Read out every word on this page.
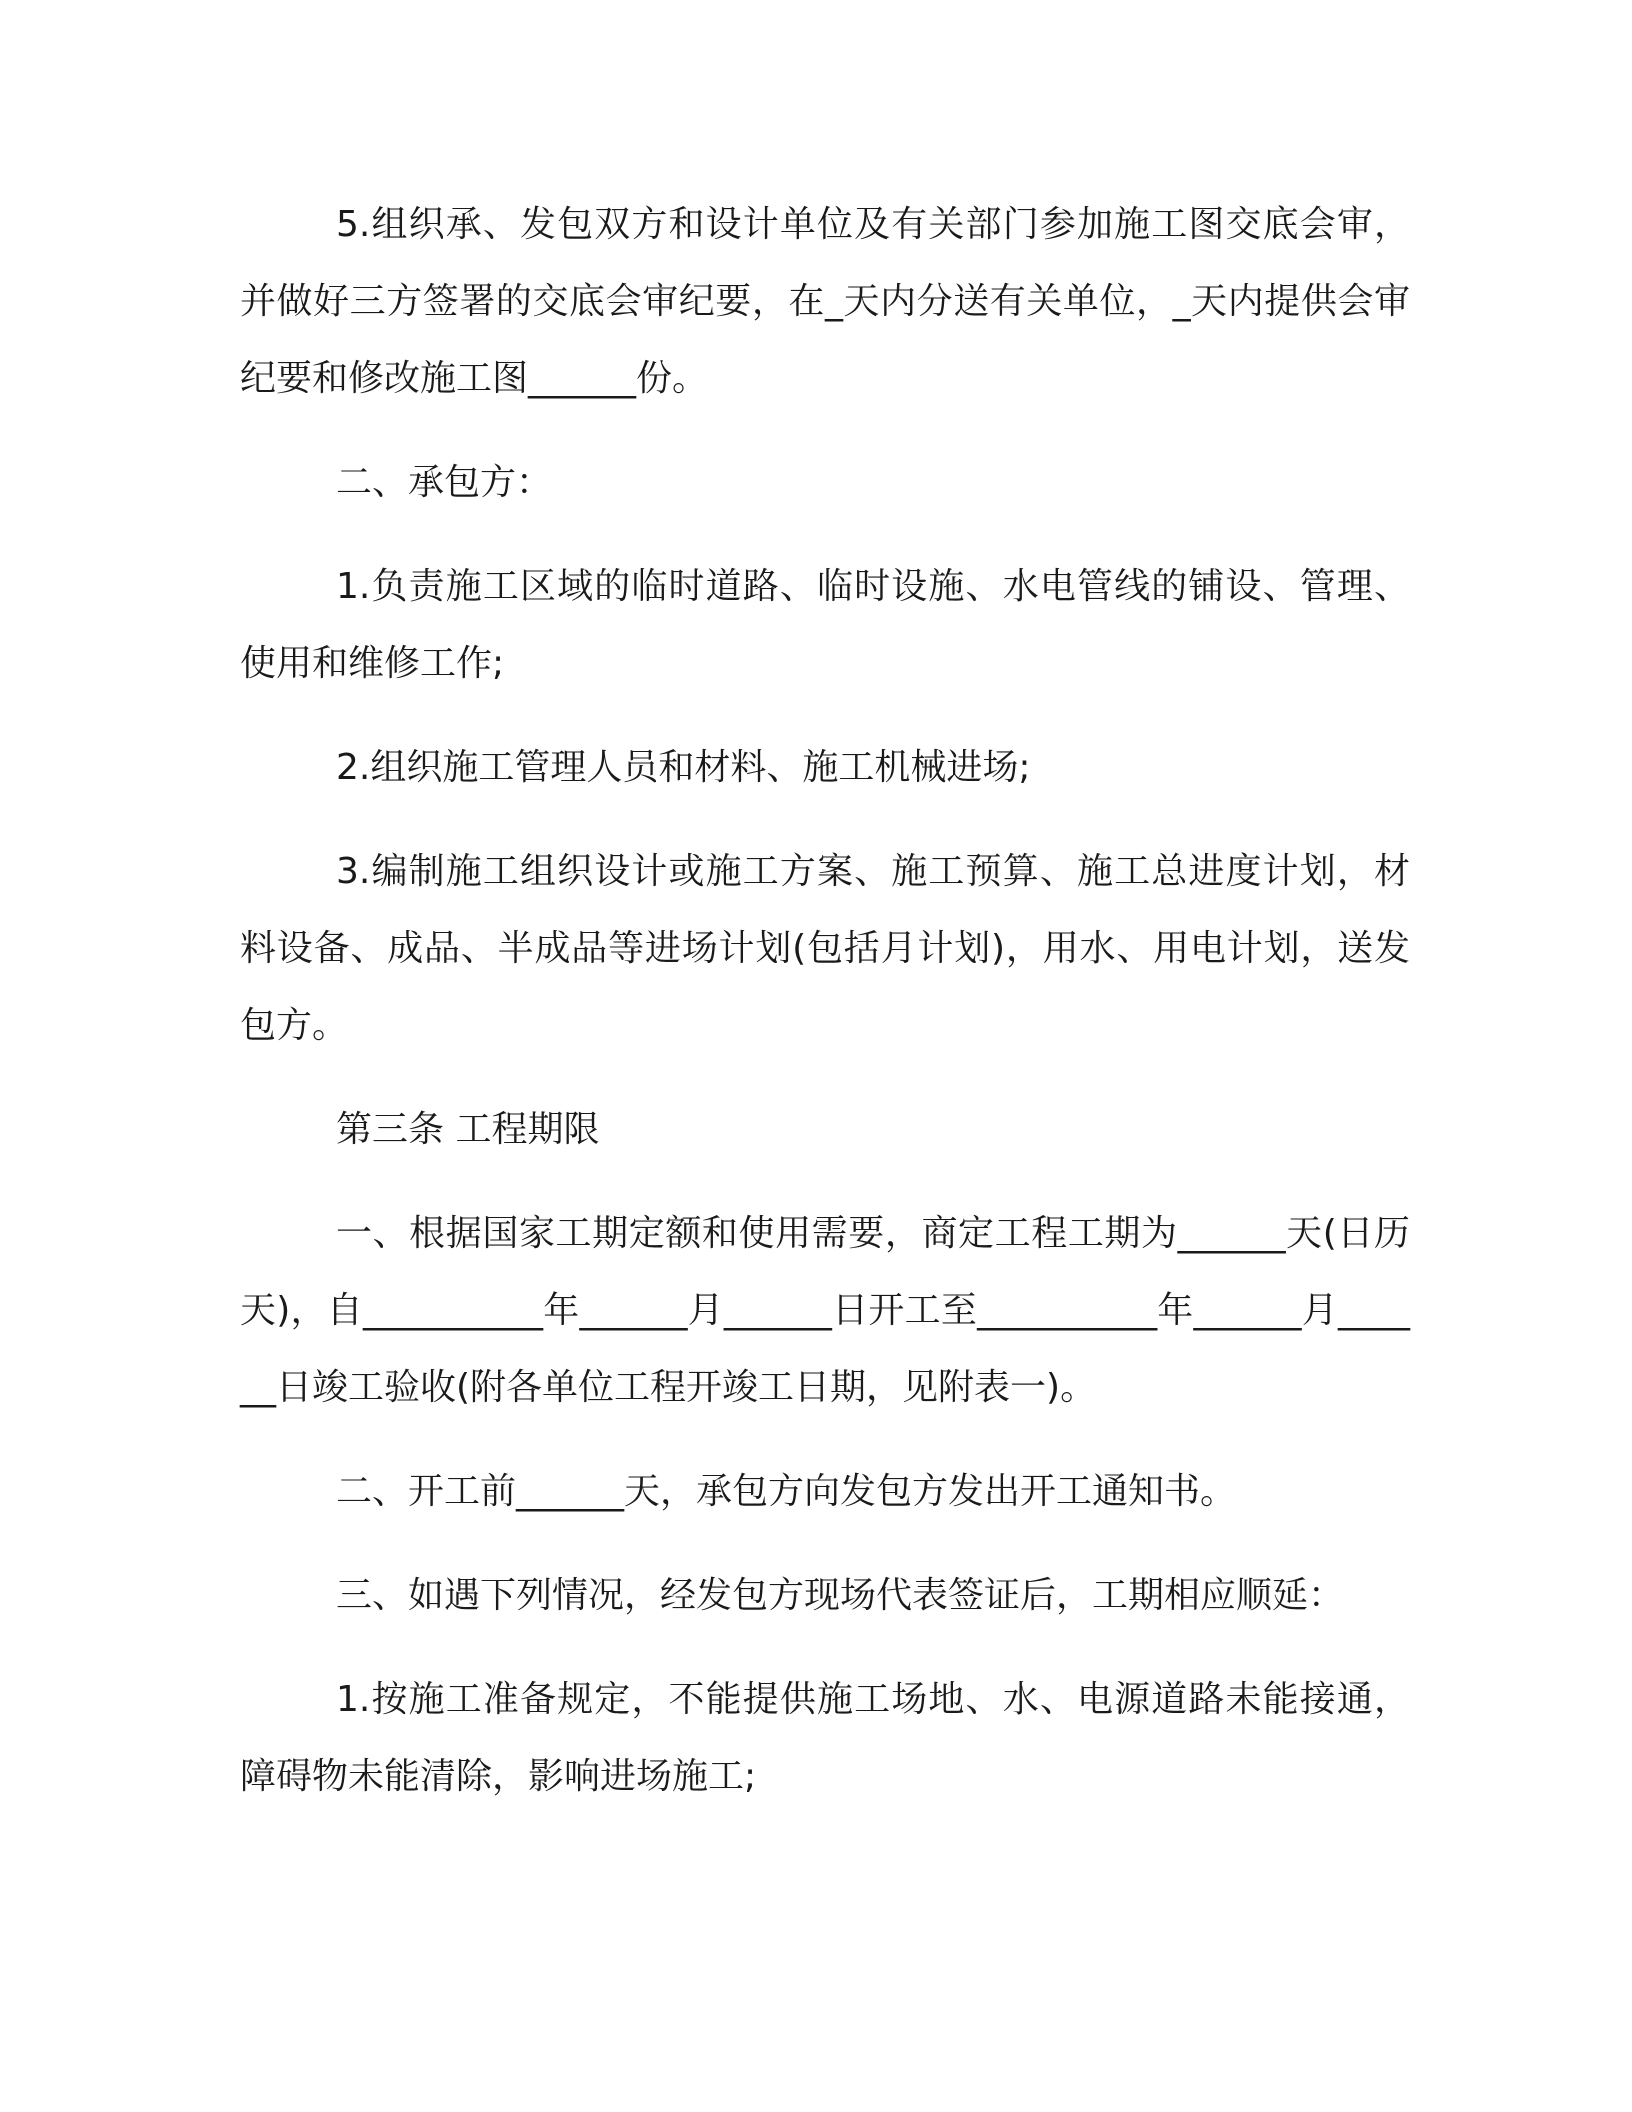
5.组织承、发包双方和设计单位及有关部门参加施工图交底会审，并做好三方签署的交底会审纪要，在_天内分送有关单位，_天内提供会审纪要和修改施工图______份。

二、承包方：

1.负责施工区域的临时道路、临时设施、水电管线的铺设、管理、使用和维修工作;

2.组织施工管理人员和材料、施工机械进场;

3.编制施工组织设计或施工方案、施工预算、施工总进度计划，材料设备、成品、半成品等进场计划(包括月计划)，用水、用电计划，送发包方。

第三条 工程期限

一、根据国家工期定额和使用需要，商定工程工期为______天(日历天)，自__________年______月______日开工至__________年______月______日竣工验收(附各单位工程开竣工日期，见附表一)。

二、开工前______天，承包方向发包方发出开工通知书。

三、如遇下列情况，经发包方现场代表签证后，工期相应顺延：

1.按施工准备规定，不能提供施工场地、水、电源道路未能接通，障碍物未能清除，影响进场施工;
